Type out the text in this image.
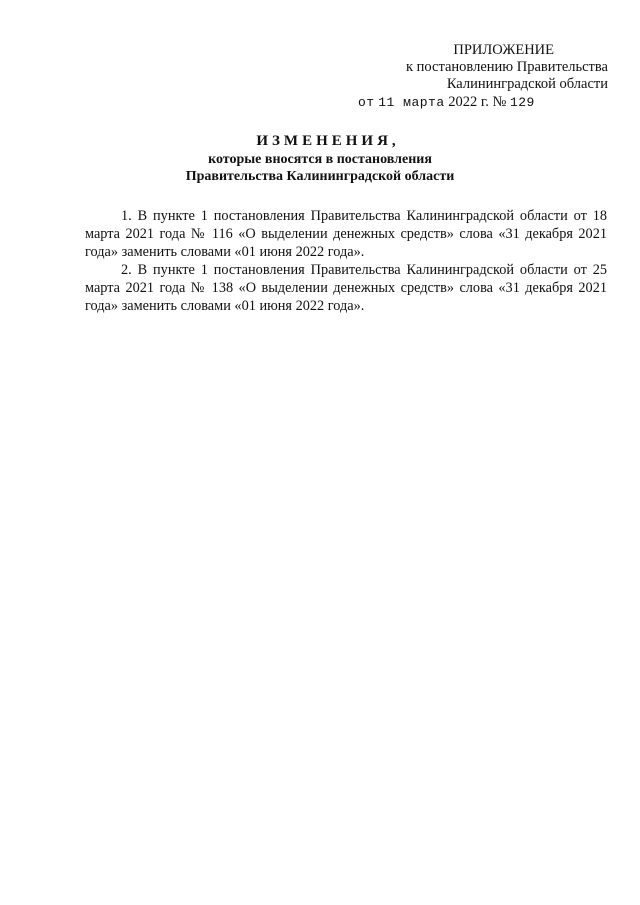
ПРИЛОЖЕНИЕ
к постановлению Правительства
Калининградской области
от 11 марта 2022 г. № 129
ИЗМЕНЕНИЯ,
которые вносятся в постановления
Правительства Калининградской области

1. В пункте 1 постановления Правительства Калининградской области от 18 марта 2021 года № 116 «О выделении денежных средств» слова «31 декабря 2021 года» заменить словами «01 июня 2022 года».

2. В пункте 1 постановления Правительства Калининградской области от 25 марта 2021 года № 138 «О выделении денежных средств» слова «31 декабря 2021 года» заменить словами «01 июня 2022 года».
